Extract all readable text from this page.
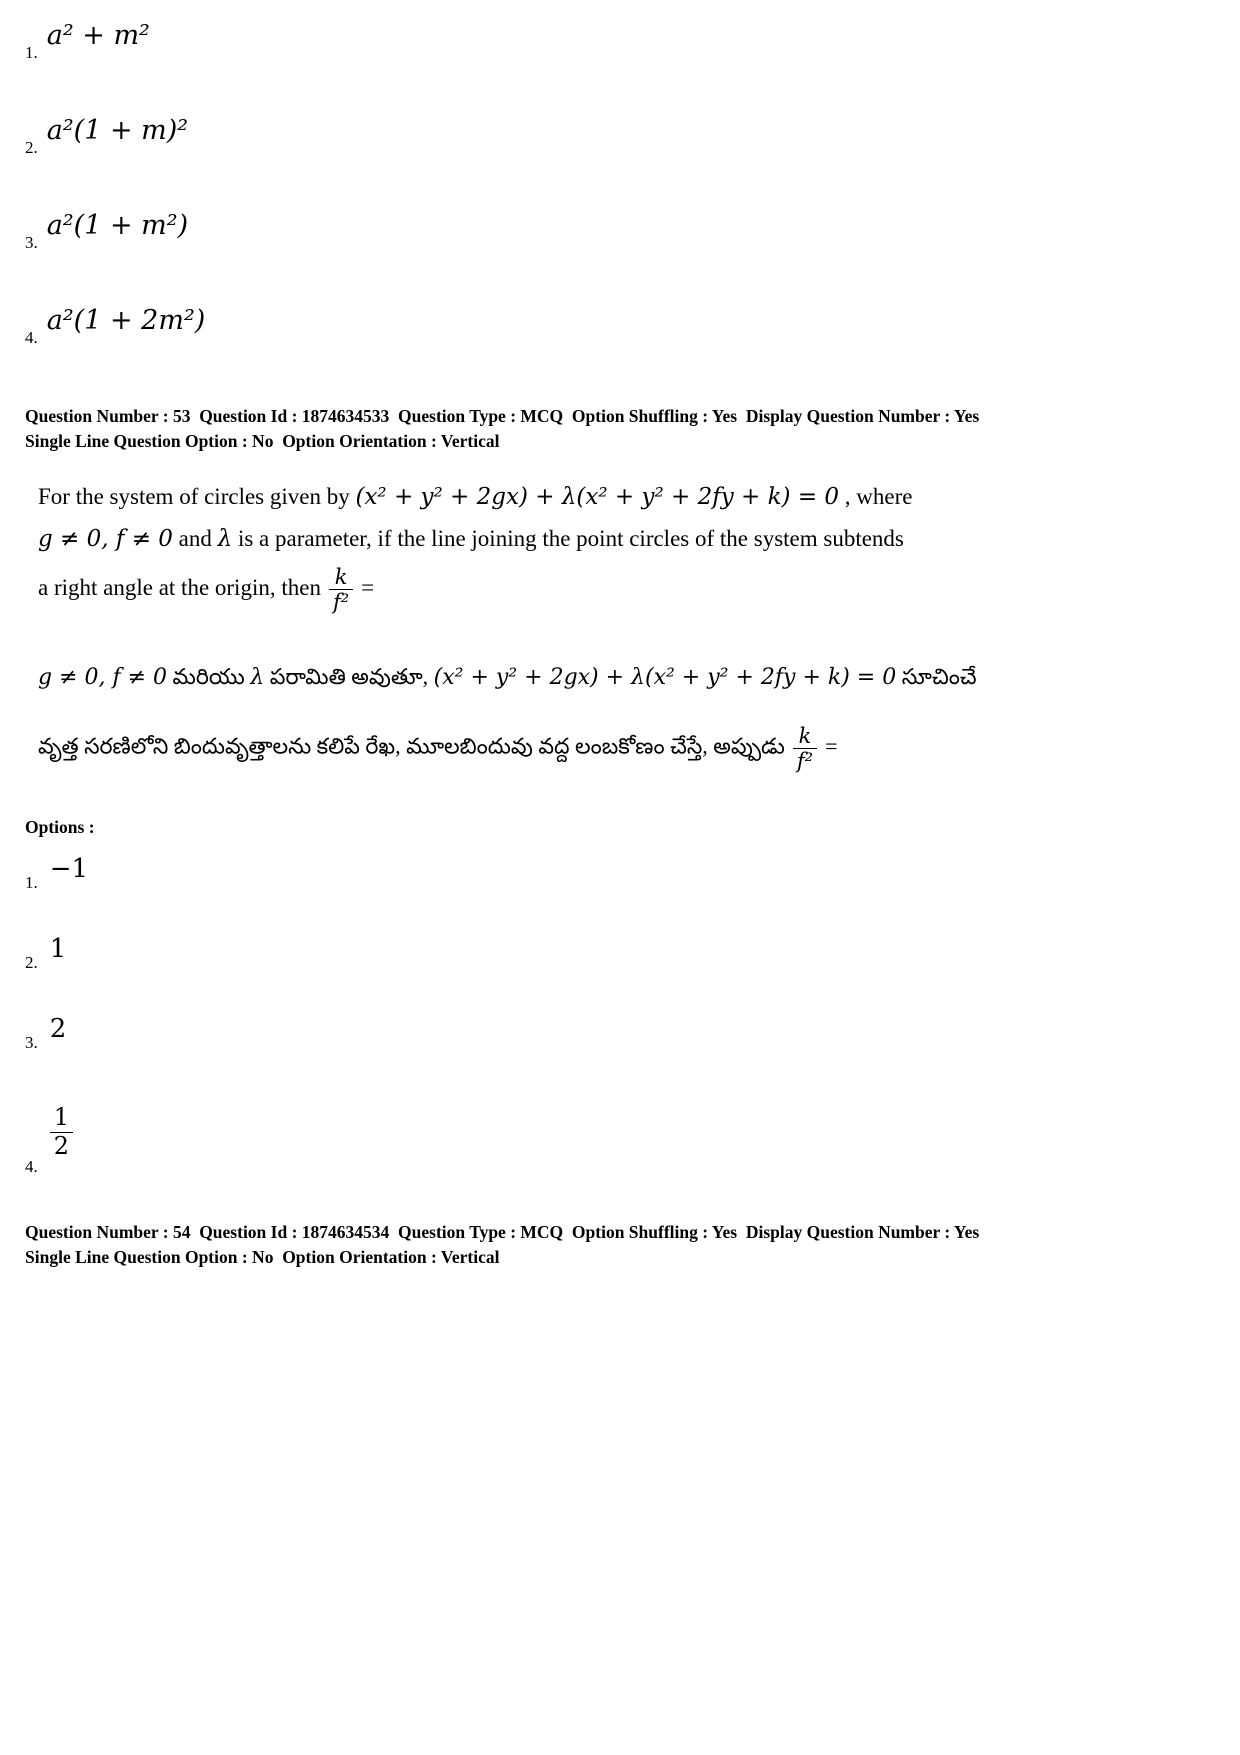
1.
a² + m²
2.
a²(1 + m)²
3.
a²(1 + m²)
4.
a²(1 + 2m²)
Question Number : 53  Question Id : 1874634533  Question Type : MCQ  Option Shuffling : Yes  Display Question Number : Yes
Single Line Question Option : No  Option Orientation : Vertical
For the system of circles given by (x² + y² + 2gx) + λ(x² + y² + 2fy + k) = 0 , where
g ≠ 0, f ≠ 0 and λ is a parameter, if the line joining the point circles of the system subtends
a right angle at the origin, then $\frac{k}{\text{f²}}$ =
g ≠ 0, f ≠ 0 మరియు λ పరామితి అవుతూ, (x² + y² + 2gx) + λ(x² + y² + 2fy + k) = 0 సూచించే
వృత్త సరణిలోని బిందువృత్తాలను కలిపే రేఖ, మూలబిందువు వద్ద లంబకోణం చేస్తే, అప్పుడు $\frac{k}{\text{f²}}$ =
Options :
1. −1
2. 1
3. 2
4.
$\frac{1}{2}$
Question Number : 54  Question Id : 1874634534  Question Type : MCQ  Option Shuffling : Yes  Display Question Number : Yes
Single Line Question Option : No  Option Orientation : Vertical
